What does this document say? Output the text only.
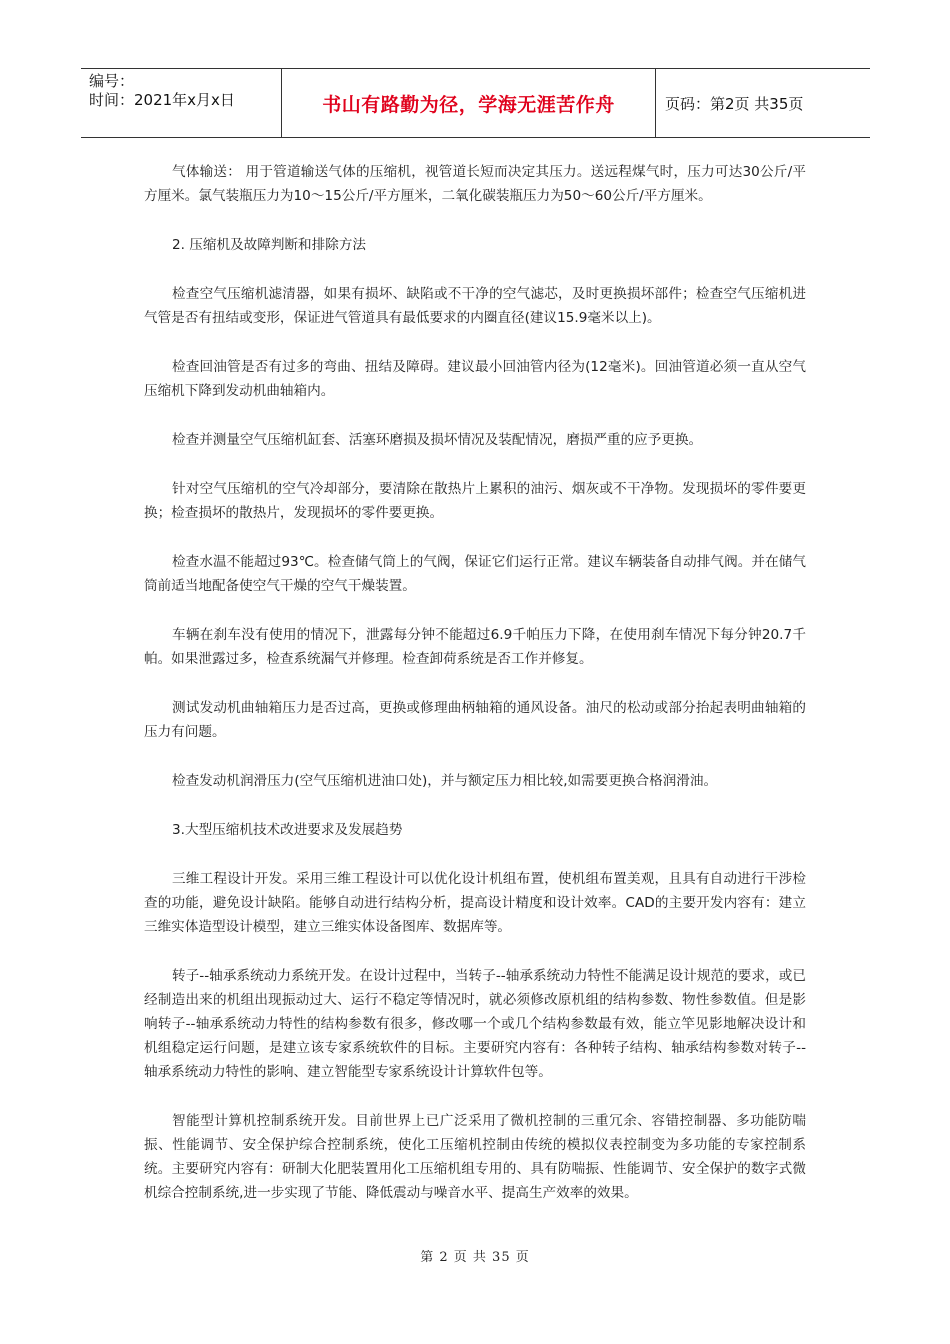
编号：
时间：2021年x月x日	书山有路勤为径，学海无涯苦作舟	页码：第2页 共35页

气体输送： 用于管道输送气体的压缩机，视管道长短而决定其压力。送远程煤气时，压力可达30公斤/平方厘米。氯气装瓶压力为10～15公斤/平方厘米，二氧化碳装瓶压力为50～60公斤/平方厘米。

2. 压缩机及故障判断和排除方法

检查空气压缩机滤清器，如果有损坏、缺陷或不干净的空气滤芯，及时更换损坏部件；检查空气压缩机进气管是否有扭结或变形，保证进气管道具有最低要求的内圈直径(建议15.9毫米以上)。

检查回油管是否有过多的弯曲、扭结及障碍。建议最小回油管内径为(12毫米)。回油管道必须一直从空气压缩机下降到发动机曲轴箱内。

检查并测量空气压缩机缸套、活塞环磨损及损坏情况及装配情况，磨损严重的应予更换。

针对空气压缩机的空气冷却部分，要清除在散热片上累积的油污、烟灰或不干净物。发现损坏的零件要更换；检查损坏的散热片，发现损坏的零件要更换。

检查水温不能超过93℃。检查储气筒上的气阀，保证它们运行正常。建议车辆装备自动排气阀。并在储气筒前适当地配备使空气干燥的空气干燥装置。

车辆在刹车没有使用的情况下，泄露每分钟不能超过6.9千帕压力下降，在使用刹车情况下每分钟20.7千帕。如果泄露过多，检查系统漏气并修理。检查卸荷系统是否工作并修复。

测试发动机曲轴箱压力是否过高，更换或修理曲柄轴箱的通风设备。油尺的松动或部分抬起表明曲轴箱的压力有问题。

检查发动机润滑压力(空气压缩机进油口处)，并与额定压力相比较,如需要更换合格润滑油。

3.大型压缩机技术改进要求及发展趋势

三维工程设计开发。采用三维工程设计可以优化设计机组布置，使机组布置美观，且具有自动进行干涉检查的功能，避免设计缺陷。能够自动进行结构分析，提高设计精度和设计效率。CAD的主要开发内容有：建立三维实体造型设计模型，建立三维实体设备图库、数据库等。

转子--轴承系统动力系统开发。在设计过程中，当转子--轴承系统动力特性不能满足设计规范的要求，或已经制造出来的机组出现振动过大、运行不稳定等情况时，就必须修改原机组的结构参数、物性参数值。但是影响转子--轴承系统动力特性的结构参数有很多，修改哪一个或几个结构参数最有效，能立竿见影地解决设计和机组稳定运行问题，是建立该专家系统软件的目标。主要研究内容有：各种转子结构、轴承结构参数对转子--轴承系统动力特性的影响、建立智能型专家系统设计计算软件包等。

智能型计算机控制系统开发。目前世界上已广泛采用了微机控制的三重冗余、容错控制器、多功能防喘振、性能调节、安全保护综合控制系统，使化工压缩机控制由传统的模拟仪表控制变为多功能的专家控制系统。主要研究内容有：研制大化肥装置用化工压缩机组专用的、具有防喘振、性能调节、安全保护的数字式微机综合控制系统,进一步实现了节能、降低震动与噪音水平、提高生产效率的效果。

第 2 页 共 35 页
